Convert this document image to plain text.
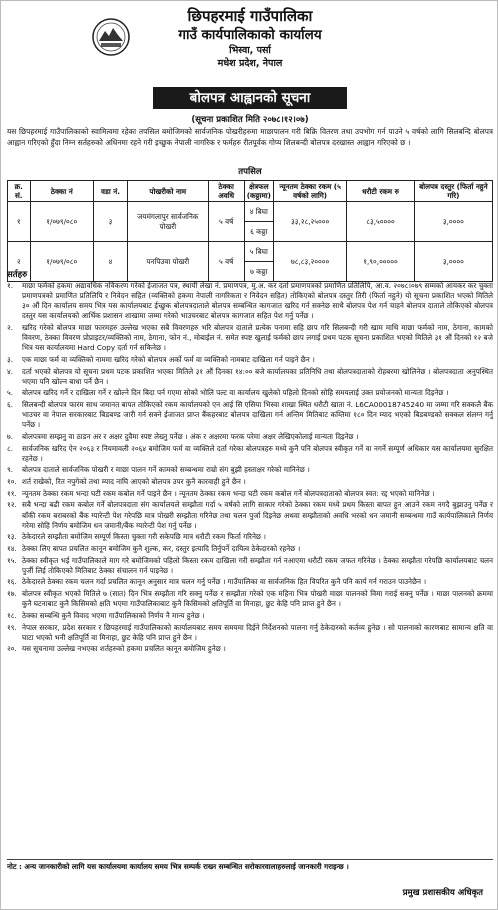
छिपहरमाई गाउँपालिका
गाउँ कार्यपालिकाको कार्यालय
भिस्वा, पर्सा
मधेश प्रदेश, नेपाल
बोलपत्र आह्वानको सूचना
(सूचना प्रकाशित मिति २०७८।१२।०७)
यस छिपहरमाई गाउँपालिकाको स्वामित्वमा रहेका तपसिल बमोजिमको सार्वजनिक पोखरीहरुमा माछापालन गरी बिक्रि वितरण तथा उपभोग गर्न पाउने ५ वर्षको लागि सिलबन्दि बोलपत्र आह्वान गरिएको हुँदा निम्न सर्तहरुको अधिनमा रहने गरी इच्छुक नेपाली नागरिक र फर्महरु रीतपूर्वक गोप्य शिलबन्दी बोलपत्र दरखास्त आह्वान गरिएको छ ।
तपसिल
क्र. सं.	ठेक्का नं	वडा नं.	पोखरीको नाम	ठेक्का अवधि	क्षेत्रफल (कठ्ठामा)	न्यूनतम ठेक्का रकम (५ वर्षको लागि)	धरौटी रकम रु	बोलपत्र दस्तुर (फिर्ता नहुने गरि)
१	१/०७९/०८०	३	जयमंगलापुर सार्वजनिक पोखरी	५ वर्ष	४ बिघा	३३,२८,२५०००	८३,५००००	३,००००
					६ कठ्ठा			
२	१/०७९/०८०	४	पनपिउवा पोखरी	५ वर्ष	५ बिघा	७८,८३,२००००	१,९०,०००००	३,००००
					७ कठ्ठा			
सर्तहरु
१.	माछा फर्मको हकमा अद्यावधिक नविकरण गरेको ईजाजत पत्र, स्थायी लेखा नं. प्रमाणपत्र, मु.अ. कर दर्ता प्रमाणपत्रको प्रमाणित प्रतिलिपि, आ.व. २०७८।०७९ सम्मको आयकर कर चुक्ता प्रमाणपत्रको प्रमाणित प्रतिलिपि र निवेदन सहित (व्यक्तिको हकमा नेपाली नागरिकता र निवेदन सहित) तोकिएको बोलपत्र दस्तुर तिरी (फिर्ता नहुने) यो सूचना प्रकाशित भएको मितिले ३० औं दिन कार्यालय समय भित्र यस कार्यालयबाट ईच्छुक बोलपत्रदाताले बोलपत्र सम्बन्धित कागजात खरिद गर्न सक्नेछ साथै बोलपत्र पेश गर्न चाहने बोलपत्र दाताले तोकिएको बोलपत्र दस्तुर यस कार्यालयको आर्थिक प्रशासन शाखामा जम्मा गरेको भाउचरबाट बोलपत्र कागजात सहित पेश गर्नु पर्नेछ ।
२.	खरिद गरेको बोलपत्र माछा फारमहरु उल्लेख भएका सबै विवरणहरु भरि बोलपत्र दाताले प्रत्येक पनामा सहि छाप गरि सिलबन्दी गरी खाम माथि माछा फर्मको नाम, ठेगाना, कामको विवरण, ठेक्का विवरण प्रोप्राइटर/व्यक्तिको नाम, ठेगाना, फोन नं., मोबाईल नं. समेत स्पष्ट खुलाई फर्मको छाप लगाई प्रथम पटक सूचना प्रकाशित भएको मितिले ३१ औं दिनको १२ बजे भित्र यस कार्यालयमा Hard Copy दर्ता गर्न सकिनेछ ।
३.	एक माछा फर्म वा व्यक्तिको नाममा खरिद गरेको बोलपत्र अर्को फर्म वा व्यक्तिको नामबाट दाखिला गर्न पाइने छैन ।
४.	दर्ता भएको बोलपत्र यो सूचना प्रथम पटक प्रकाशित भएका मितिले ३१ औं दिनका १४:०० बजे कार्यालयका प्रतिनिधि तथा बोलपत्रदाताको रोहबरमा खोलिनेछ । बोलपत्रदाता अनुपस्थित भएमा पनि खोल्न बाधा पर्ने छैन ।
५.	बोलपत्र खरिद गर्ने र दाखिला गर्ने र खोल्ने दिन बिदा पर्न गएमा सोको भोलि पल्ट वा कार्यालय खुलेको पहिलो दिनको सोहि समयलाई उक्त प्रयोजनको मान्यता दिइनेछ ।
६.	सिलबन्दी बोलपत्र फारम साथ जमानत बापत तोकिएको रकम कार्यालयको एन आई सि एसिया भिस्वा शाखा स्थित धरौटी खाता नं. L6CA00018745240 मा जम्मा गरि सक्कलै बैंक भाउचर वा नेपाल सरकारबाट बिडबण्ड जारी गर्न सक्ने ईजाजत प्राप्त बैंकहरबाट बोलपत्र दाखिला गर्न अन्तिम मितिबाट कम्तिमा १८० दिन म्याद भएको बिडबण्डको सक्कल संलग्न गर्नु पर्नेछ ।
७.	बोलपत्रमा सम्झनु वा ठाडन अर र अक्षर दुवैमा स्पष्ट लेख्नु पर्नेछ । अंक र अक्षरमा फरक परेमा अक्षर लेखिएकोलाई मान्यता दिइनेछ ।
८.	सार्वजनिक खरिद ऐन २०६३ र नियमावली २०६४ बमोजिम फर्म वा व्यक्तिले दर्ता गरेका बोलपत्रहरु मध्ये कुनै पनि बोलपत्र स्वीकृत गर्ने वा नगर्ने सम्पूर्ण अधिकार यस कार्यालयमा सुरक्षित रहनेछ ।
९.	बोलपत्र दाताले सार्वजनिक पोखरी र माछा पालन गर्ने कामको सम्बन्धमा राम्रो संग बुझी हस्ताक्षर गरेको मानिनेछ ।
१०. शर्त राखेको, रित नपुगेको तथा म्याद नाघि आएको बोलपत्र उपर कुनै कारवाही हुने छैन ।
११. न्यूनतम ठेक्का रकम भन्दा घटी रकम कबोल गर्ने पाइने छैन । न्यूनतम ठेक्का रकम भन्दा घटी रकम कबोल गर्ने बोलपत्रदाताको बोलपत्र स्वत: रद्द भएको मानिनेछ ।
१२. सबै भन्दा बढी रकम कबोल गर्ने बोलपत्रदाता संग कार्यालयले सम्झौता गर्दा ५ वर्षको लागि साकार गरेको ठेक्का रकम मध्ये प्रथम किस्ता बापत हुन आउने रकम नगदै बुझाउनु पर्नेछ र बाँकी रकम बराबरको बैंक ग्यारेन्टी पेश गरेपछि मात्र पोखरी सम्झौता गरिनेछ तथा चलन पुर्जा दिइनेछ अथवा सम्झौताको अवधि भरको धन जमानी सम्बन्धमा गाउँ कार्यपालिकाले निर्णय गरेमा सोहि निर्णय बमोजिम धन जमानी/बैंक ग्यारेन्टी पेश गर्नु पर्नेछ ।
१३. ठेकेदारले सम्झौता बमोजिम सम्पूर्ण किस्ता चुक्ता गरी सकेपछि मात्र धरौटी रकम फिर्ता गरिनेछ ।
१४. ठेक्का लिए बापत प्रचलित कानून बमोजिम कुनै शुल्क, कर, दस्तुर इत्यादि तिर्नुपर्ने दायित्व ठेकेदारको रहनेछ ।
१५. ठेक्का स्वीकृत भई गाउँपालिकाले माग गरे बमोजिमको पहिलो किस्ता रकम दाखिला गरी सम्झौता गर्न नआएमा धरौटी रकम जफत गरिनेछ । ठेक्का सम्झौता गरेपछि कार्यालयबाट चलन पुर्जी लिई तोकिएको मितिबाट ठेक्का संचालन गर्न पाइनेछ ।
१६. ठेकेदारले ठेक्का रकम चलन गर्दा प्रचलित कानून अनुसार मात्र चलन गर्नु पर्नेछ । गाउँपालिका वा सार्वजनिक हित विपरित कुनै पनि कार्य गर्न गराउन पाउनेछैन ।
१७. बोलपत्र स्वीकृत भएको मितिले ७ (सात) दिन भित्र सम्झौता गरि सक्नु पर्नेछ र सम्झौता गरेको एक महिना भित्र पोखरी माछा पालनको विमा गराई सक्नु पर्नेछ । माछा पालनको क्रममा कुनै घटनाबाट कुनै किसिमको क्षति भएमा गाउँपालिकाबाट कुनै किसिमको क्षतिपूर्ति वा मिनाहा, छुट केहि पनि प्राप्त हुने छैन ।
१८. ठेक्का सम्बन्धि कुनै विवाद भएमा गाउँपालिकाको निर्णय नै मान्य हुनेछ ।
१९. नेपाल सरकार, प्रदेश सरकार र छिपहरमाई गाउँपालिकाको कार्यालयबाट समय समयमा दिईने निर्देशनको पालना गर्नु ठेकेदारको कर्तव्य हुनेछ । सो पालनाको कारणबाट सामान्य क्षति वा घाटा भएको भनी क्षतिपूर्ति वा मिनाहा, छुट केहि पनि प्राप्त हुने छैन ।
२०. यस सूचनामा उल्लेख नभएका शर्तहरुको हकमा प्रचलित कानून बमोजिम हुनेछ ।
नोट : अन्य जानकारीको लागि यस कार्यालयमा कार्यालय समय भित्र सम्पर्क राख्न सम्बन्धित सरोकारवालाहरुलाई जानकारी गराइन्छ ।
प्रमुख प्रशासकीय अधिकृत
